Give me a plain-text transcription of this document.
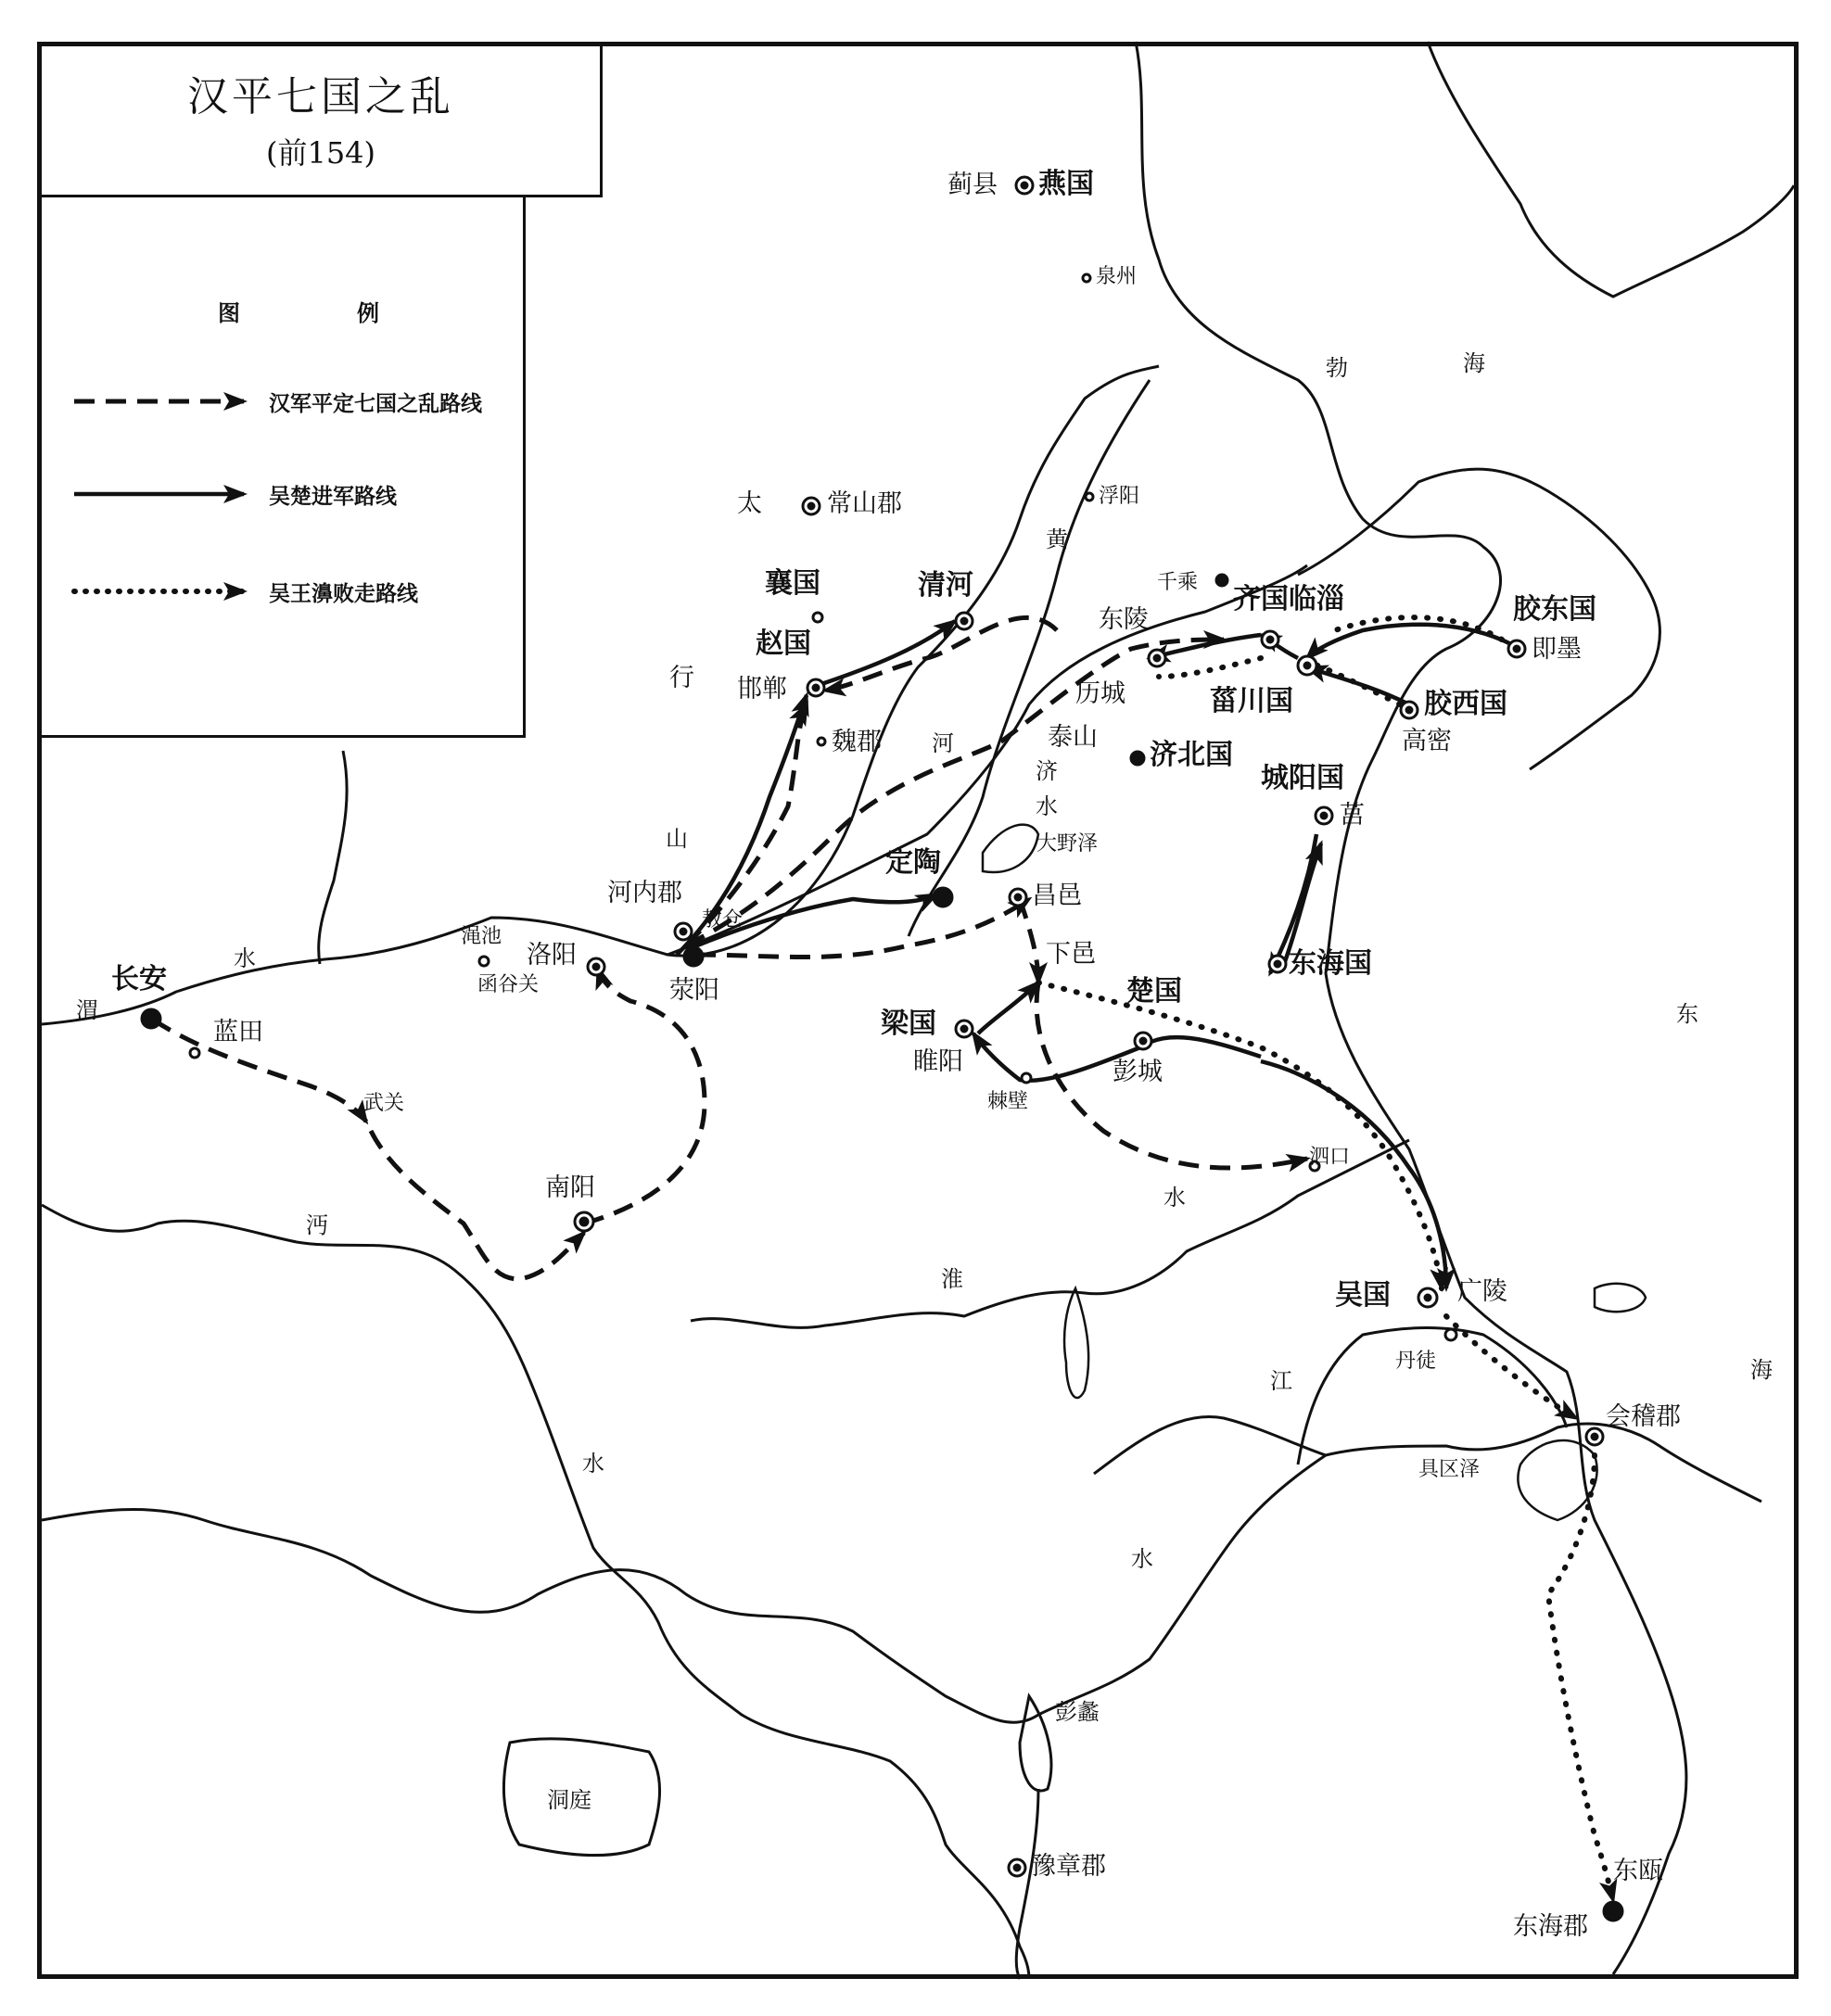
汉平七国之乱
(前154)
图	例
汉军平定七国之乱路线
吴楚进军路线
吴王濞败走路线
蓟县 燕国
泉州
太	常山郡	浮阳
襄国	清河
赵国
邯郸
魏郡
行
千乘
东陵
齐国临淄	胶东国
即墨
菑川国	胶西国
高密
历城
泰山
济北国
城阳国
莒
河内郡
敖仓
荥阳
定陶
昌邑
下邑
渑池
函谷关
洛阳
长安
蓝田
武关
南阳
梁国
睢阳
棘壁
楚国
彭城
东海国
泗口
吴国	广陵
丹徒
会稽郡
东瓯
东海郡
豫章郡
勃	海
黄
河
济
水
大野泽
山
渭
水
沔
水
淮
水
江
水
具区泽
彭蠡
洞庭
东
海
